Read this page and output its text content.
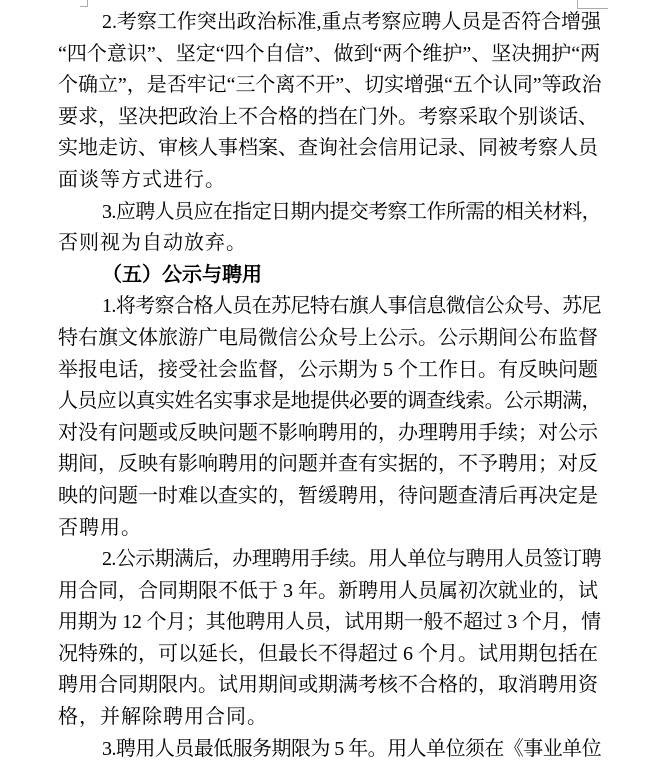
2.考察工作突出政治标准,重点考察应聘人员是否符合增强
“四个意识”、坚定“四个自信”、做到“两个维护”、坚决拥护“两
个确立”，是否牢记“三个离不开”、切实增强“五个认同”等政治
要求，坚决把政治上不合格的挡在门外。考察采取个别谈话、
实地走访、审核人事档案、查询社会信用记录、同被考察人员
面谈等方式进行。
3.应聘人员应在指定日期内提交考察工作所需的相关材料，
否则视为自动放弃。
（五）公示与聘用
1.将考察合格人员在苏尼特右旗人事信息微信公众号、苏尼
特右旗文体旅游广电局微信公众号上公示。公示期间公布监督
举报电话，接受社会监督，公示期为 5 个工作日。有反映问题
人员应以真实姓名实事求是地提供必要的调查线索。公示期满，
对没有问题或反映问题不影响聘用的，办理聘用手续；对公示
期间，反映有影响聘用的问题并查有实据的，不予聘用；对反
映的问题一时难以查实的，暂缓聘用，待问题查清后再决定是
否聘用。
2.公示期满后，办理聘用手续。用人单位与聘用人员签订聘
用合同，合同期限不低于 3 年。新聘用人员属初次就业的，试
用期为 12 个月；其他聘用人员，试用期一般不超过 3 个月，情
况特殊的，可以延长，但最长不得超过 6 个月。试用期包括在
聘用合同期限内。试用期间或期满考核不合格的，取消聘用资
格，并解除聘用合同。
3.聘用人员最低服务期限为 5 年。用人单位须在《事业单位
